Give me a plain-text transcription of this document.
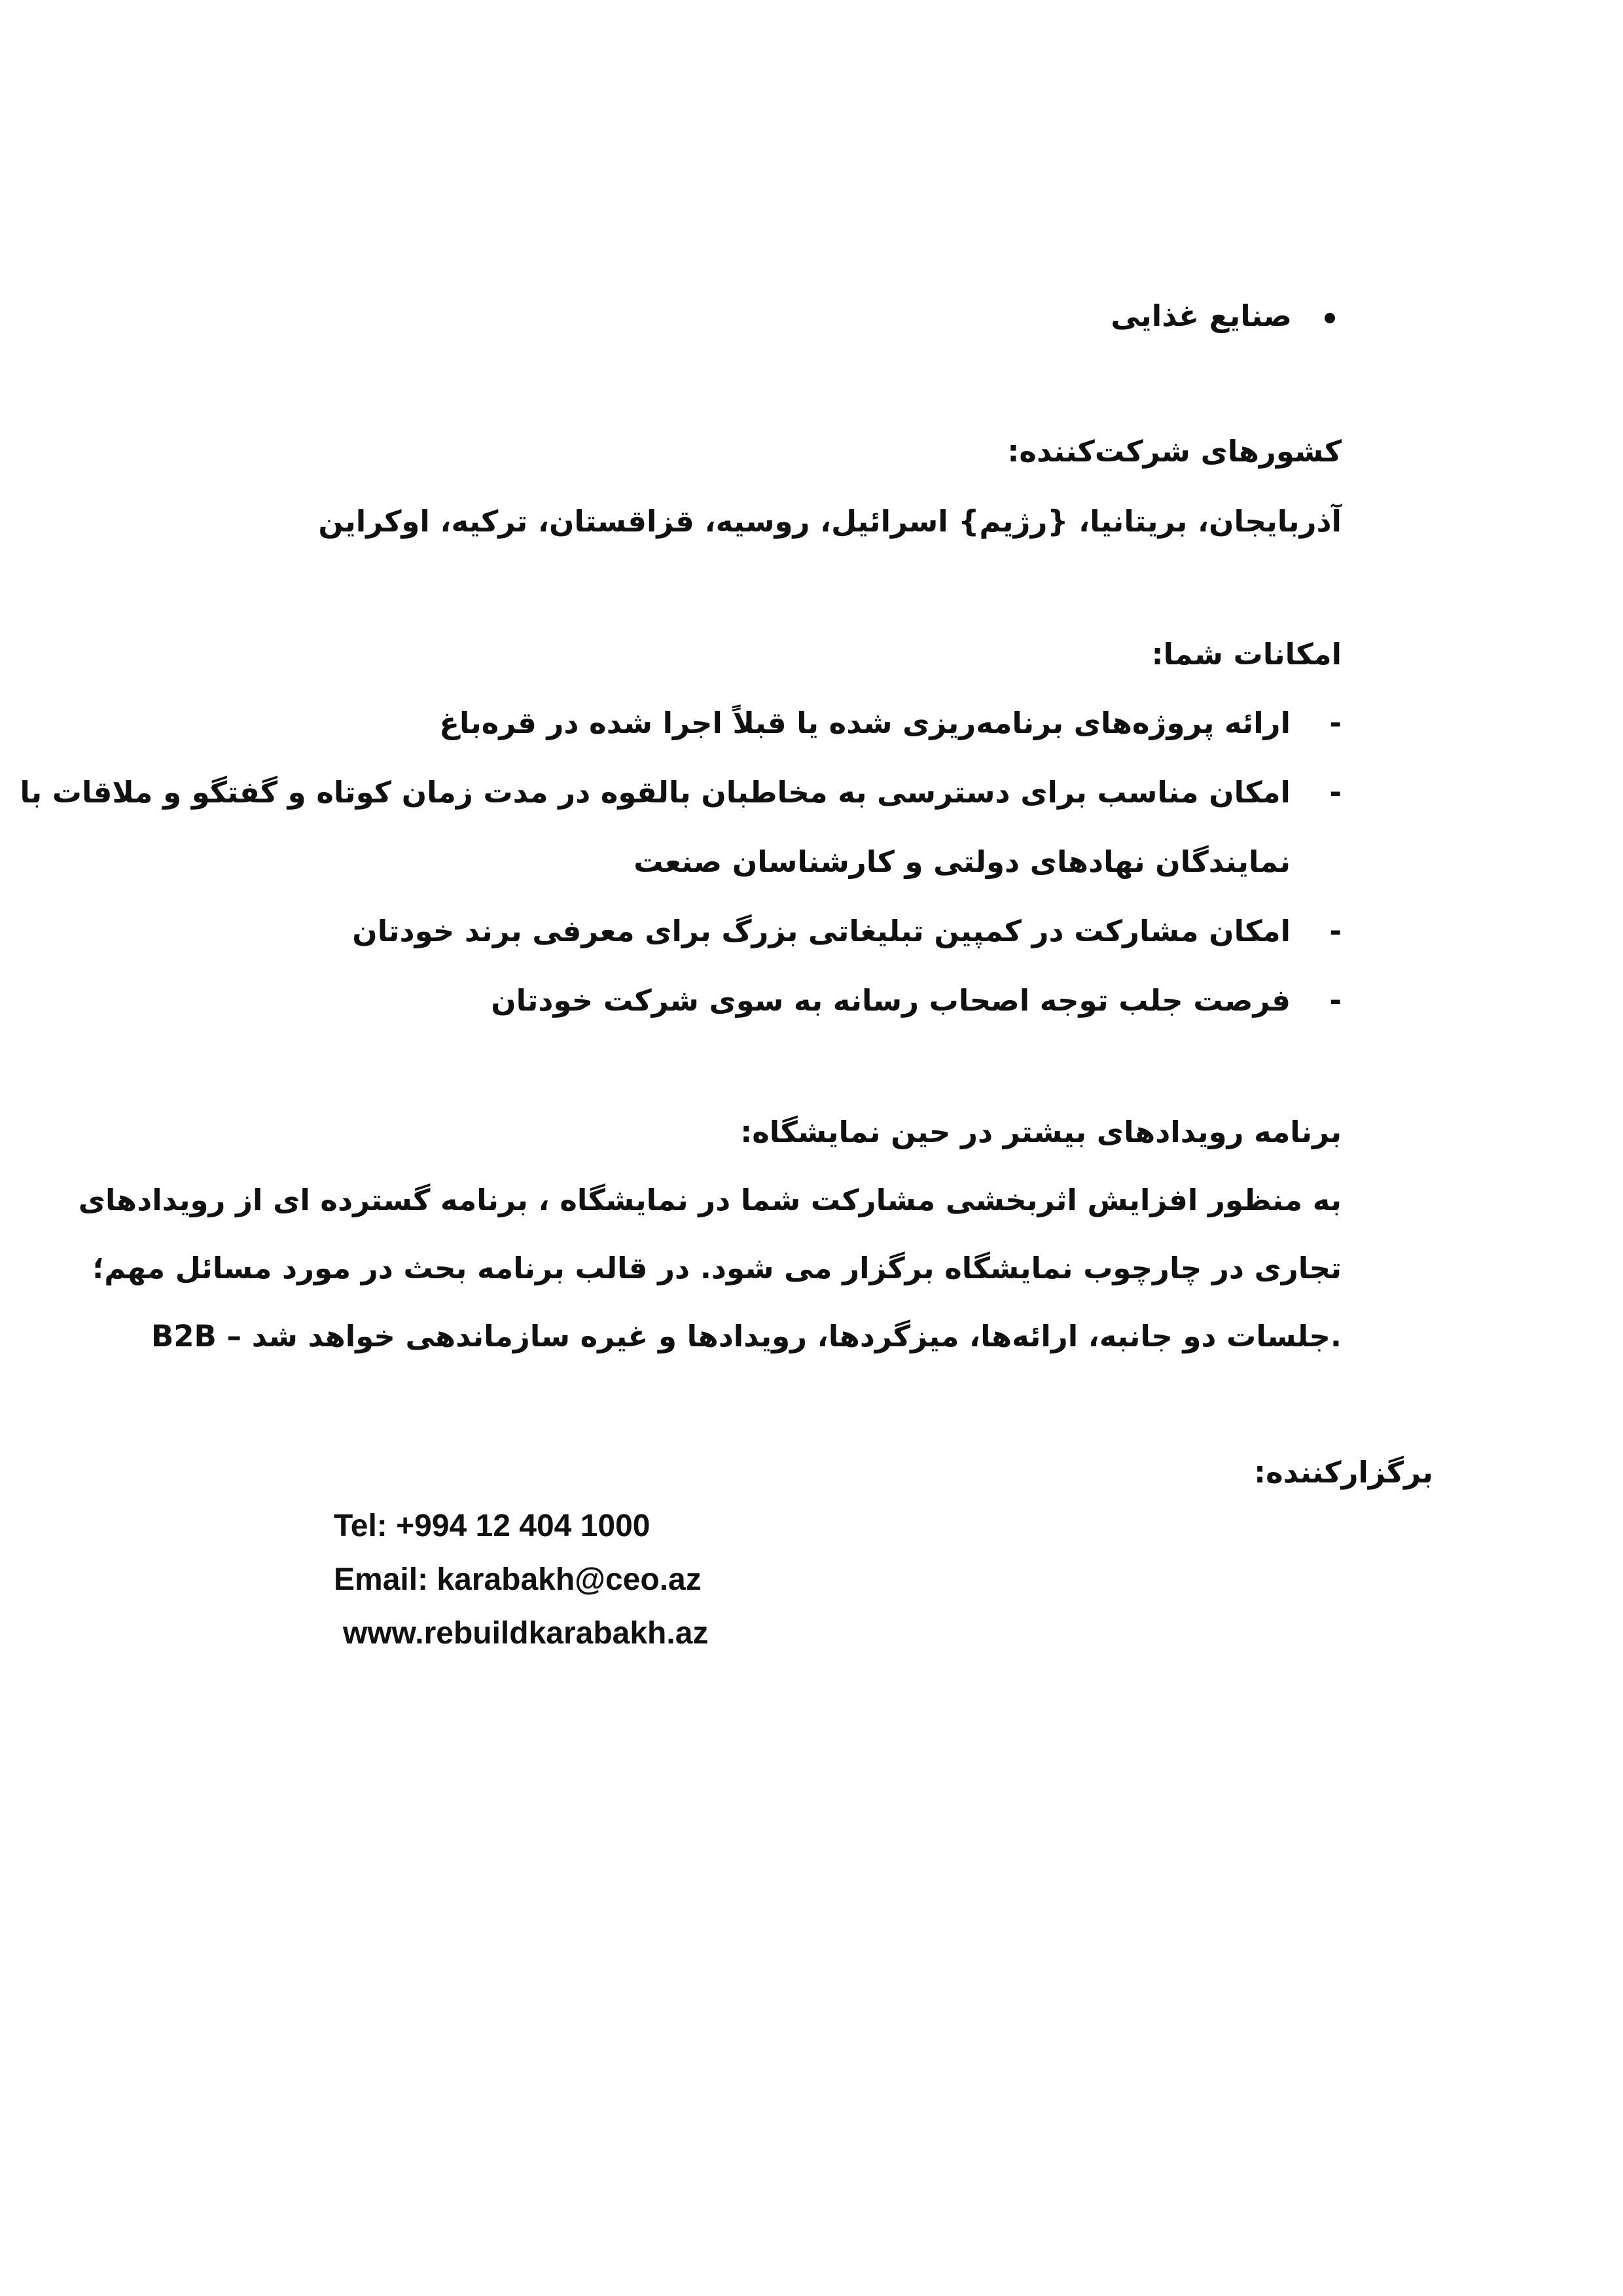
صنایع غذایی
کشورهای شرکت‌کننده:
آذربایجان، بریتانیا، {رژیم} اسرائیل، روسیه، قزاقستان، ترکیه، اوکراین
امکانات شما:
-ارائه پروژه‌های برنامه‌ریزی شده یا قبلاً اجرا شده در قره‌باغ
-امکان مناسب برای دسترسی به مخاطبان بالقوه در مدت زمان کوتاه و گفتگو و ملاقات با
نمایندگان نهادهای دولتی و کارشناسان صنعت
-امکان مشارکت در کمپین تبلیغاتی بزرگ برای معرفی برند خودتان
-فرصت جلب توجه اصحاب رسانه به سوی شرکت خودتان
برنامه رویدادهای بیشتر در حین نمایشگاه:
به منظور افزایش اثربخشی مشارکت شما در نمایشگاه ، برنامه گسترده ای از رویدادهای
تجاری در چارچوب نمایشگاه برگزار می شود. در قالب برنامه بحث در مورد مسائل مهم؛
B2B – جلسات دو جانبه، ارائه‌ها، میزگردها، رویدادها و غیره سازماندهی خواهد شد.
برگزارکننده:
Tel: +994 12 404 1000
Email: karabakh@ceo.az
www.rebuildkarabakh.az
